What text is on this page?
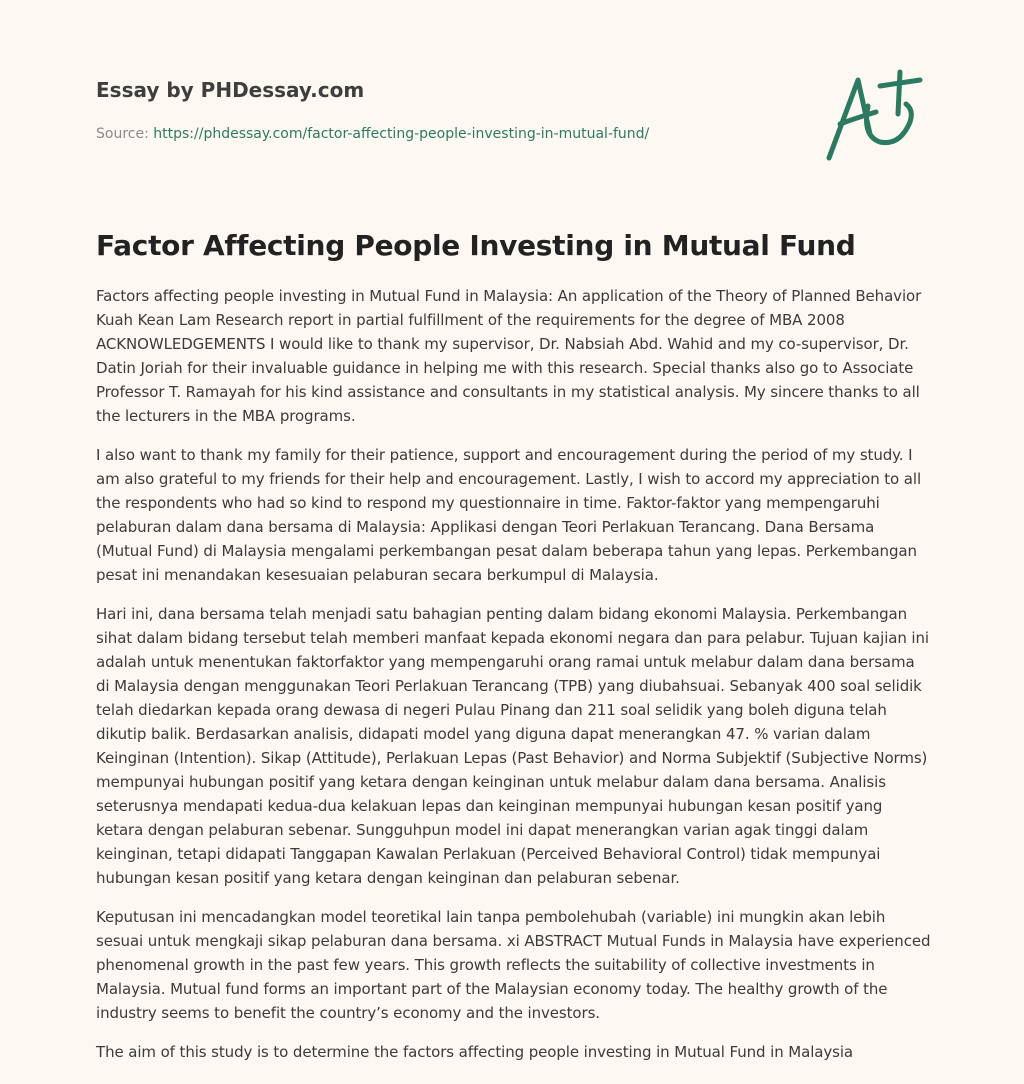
Essay by PHDessay.com
Source: https://phdessay.com/factor-affecting-people-investing-in-mutual-fund/
Factor Affecting People Investing in Mutual Fund

Factors affecting people investing in Mutual Fund in Malaysia: An application of the Theory of Planned Behavior Kuah Kean Lam Research report in partial fulfillment of the requirements for the degree of MBA 2008 ACKNOWLEDGEMENTS I would like to thank my supervisor, Dr. Nabsiah Abd. Wahid and my co-supervisor, Dr. Datin Joriah for their invaluable guidance in helping me with this research. Special thanks also go to Associate Professor T. Ramayah for his kind assistance and consultants in my statistical analysis. My sincere thanks to all the lecturers in the MBA programs.

I also want to thank my family for their patience, support and encouragement during the period of my study. I am also grateful to my friends for their help and encouragement. Lastly, I wish to accord my appreciation to all the respondents who had so kind to respond my questionnaire in time. Faktor-faktor yang mempengaruhi pelaburan dalam dana bersama di Malaysia: Applikasi dengan Teori Perlakuan Terancang. Dana Bersama (Mutual Fund) di Malaysia mengalami perkembangan pesat dalam beberapa tahun yang lepas. Perkembangan pesat ini menandakan kesesuaian pelaburan secara berkumpul di Malaysia.

Hari ini, dana bersama telah menjadi satu bahagian penting dalam bidang ekonomi Malaysia. Perkembangan sihat dalam bidang tersebut telah memberi manfaat kepada ekonomi negara dan para pelabur. Tujuan kajian ini adalah untuk menentukan faktorfaktor yang mempengaruhi orang ramai untuk melabur dalam dana bersama di Malaysia dengan menggunakan Teori Perlakuan Terancang (TPB) yang diubahsuai. Sebanyak 400 soal selidik telah diedarkan kepada orang dewasa di negeri Pulau Pinang dan 211 soal selidik yang boleh diguna telah dikutip balik. Berdasarkan analisis, didapati model yang diguna dapat menerangkan 47. % varian dalam Keinginan (Intention). Sikap (Attitude), Perlakuan Lepas (Past Behavior) and Norma Subjektif (Subjective Norms) mempunyai hubungan positif yang ketara dengan keinginan untuk melabur dalam dana bersama. Analisis seterusnya mendapati kedua-dua kelakuan lepas dan keinginan mempunyai hubungan kesan positif yang ketara dengan pelaburan sebenar. Sungguhpun model ini dapat menerangkan varian agak tinggi dalam keinginan, tetapi didapati Tanggapan Kawalan Perlakuan (Perceived Behavioral Control) tidak mempunyai hubungan kesan positif yang ketara dengan keinginan dan pelaburan sebenar.

Keputusan ini mencadangkan model teoretikal lain tanpa pembolehubah (variable) ini mungkin akan lebih sesuai untuk mengkaji sikap pelaburan dana bersama. xi ABSTRACT Mutual Funds in Malaysia have experienced phenomenal growth in the past few years. This growth reflects the suitability of collective investments in Malaysia. Mutual fund forms an important part of the Malaysian economy today. The healthy growth of the industry seems to benefit the country’s economy and the investors.

The aim of this study is to determine the factors affecting people investing in Mutual Fund in Malaysia
